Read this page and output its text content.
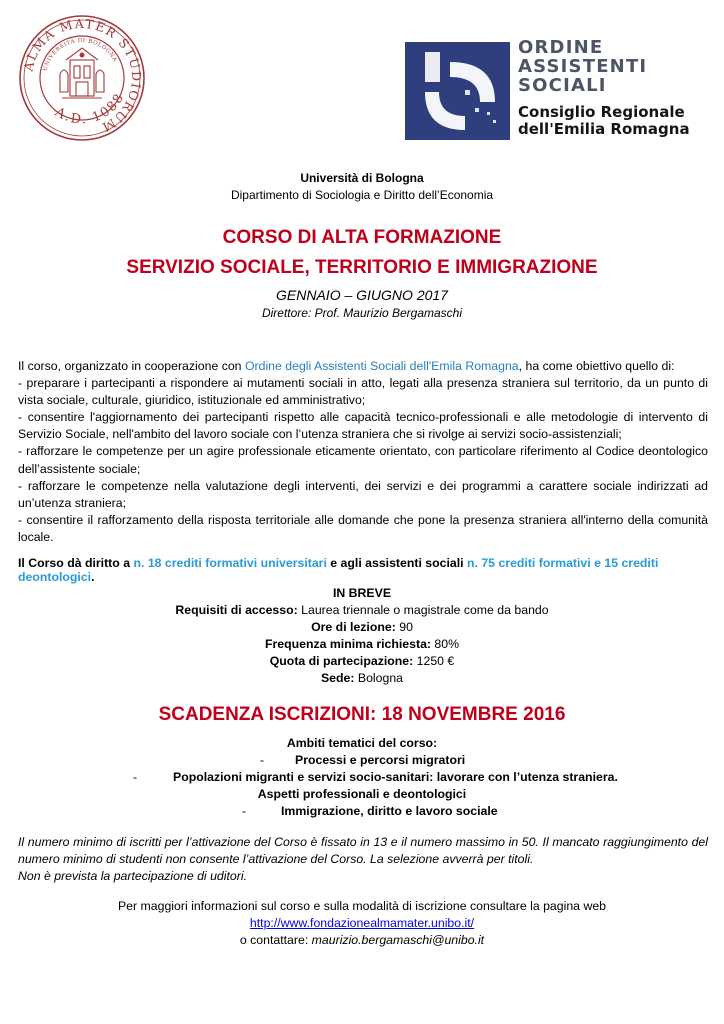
ALMA MATER STUDIORUM
A.D. 1088
UNIVERSITÀ DI BOLOGNA
ORDINE
ASSISTENTI
SOCIALI
Consiglio Regionale
dell'Emilia Romagna
Università di Bologna
Dipartimento di Sociologia e Diritto dell’Economia
CORSO DI ALTA FORMAZIONE
SERVIZIO SOCIALE, TERRITORIO E IMMIGRAZIONE
GENNAIO – GIUGNO 2017
Direttore: Prof. Maurizio Bergamaschi
Il corso, organizzato in cooperazione con Ordine degli Assistenti Sociali dell'Emila Romagna, ha come obiettivo quello di:
- preparare i partecipanti a rispondere ai mutamenti sociali in atto, legati alla presenza straniera sul territorio, da un punto di vista sociale, culturale, giuridico, istituzionale ed amministrativo;
- consentire l'aggiornamento dei partecipanti rispetto alle capacità tecnico-professionali e alle metodologie di intervento di Servizio Sociale, nell'ambito del lavoro sociale con l’utenza straniera che si rivolge ai servizi socio-assistenziali;
- rafforzare le competenze per un agire professionale eticamente orientato, con particolare riferimento al Codice deontologico dell’assistente sociale;
- rafforzare le competenze nella valutazione degli interventi, dei servizi e dei programmi a carattere sociale indirizzati ad un’utenza straniera;
- consentire il rafforzamento della risposta territoriale alle domande che pone la presenza straniera all'interno della comunità locale.
Il Corso dà diritto a n. 18 crediti formativi universitari e agli assistenti sociali n. 75 crediti formativi e 15 crediti deontologici.
IN BREVE
Requisiti di accesso: Laurea triennale o magistrale come da bando
Ore di lezione: 90
Frequenza minima richiesta: 80%
Quota di partecipazione: 1250 €
Sede: Bologna
SCADENZA ISCRIZIONI: 18 NOVEMBRE 2016
Ambiti tematici del corso:
-	Processi e percorsi migratori
-	Popolazioni migranti e servizi socio-sanitari: lavorare con l’utenza straniera.
Aspetti professionali e deontologici
-	Immigrazione, diritto e lavoro sociale
Il numero minimo di iscritti per l’attivazione del Corso è fissato in 13 e il numero massimo in 50. Il mancato raggiungimento del numero minimo di studenti non consente l’attivazione del Corso. La selezione avverrà per titoli.
Non è prevista la partecipazione di uditori.
Per maggiori informazioni sul corso e sulla modalità di iscrizione consultare la pagina web
http://www.fondazionealmamater.unibo.it/
o contattare: maurizio.bergamaschi@unibo.it
